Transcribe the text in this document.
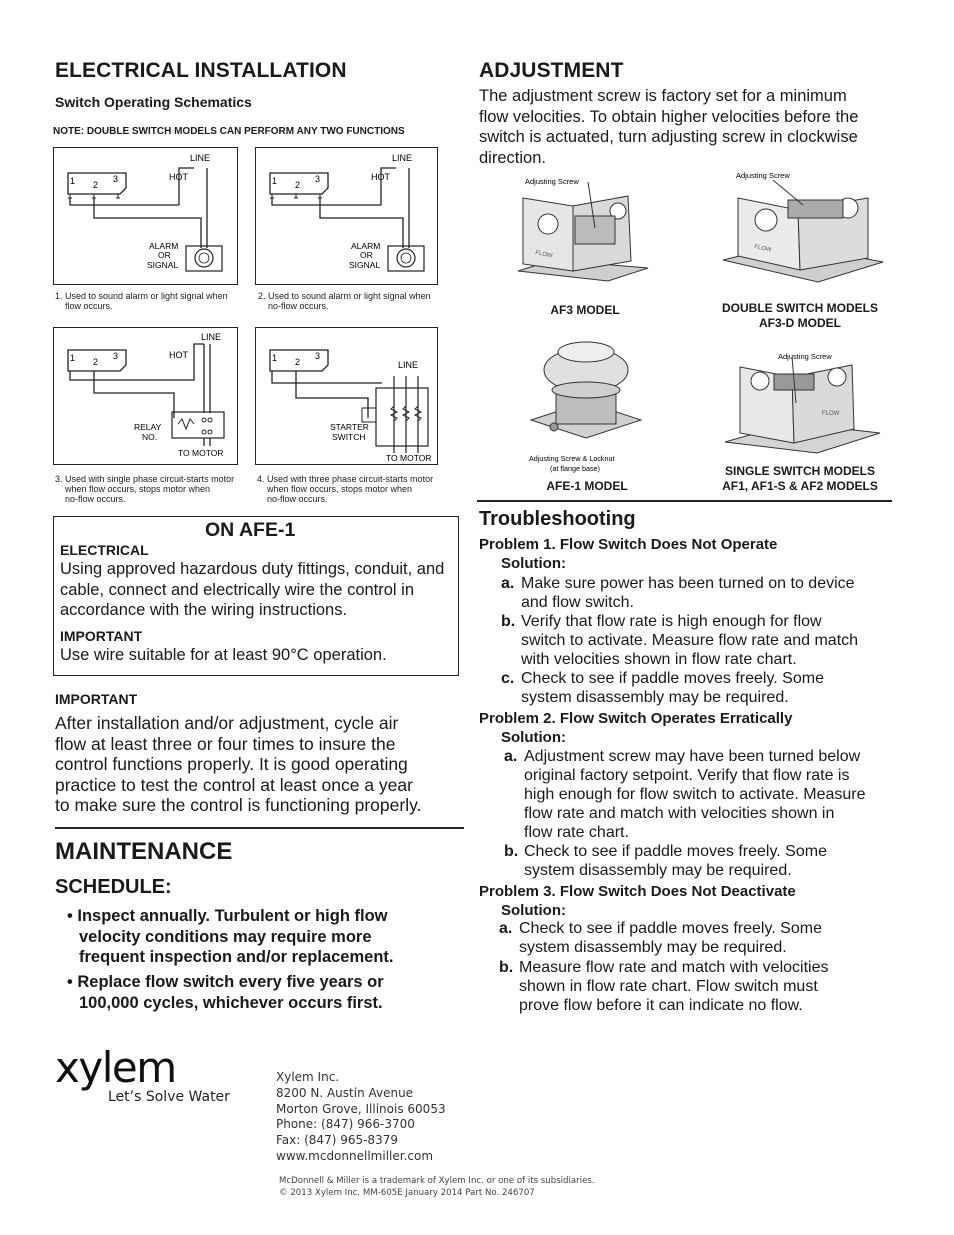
ELECTRICAL INSTALLATION
Switch Operating Schematics
NOTE: DOUBLE SWITCH MODELS CAN PERFORM ANY TWO FUNCTIONS
1 2
3
LINE
HOT
ALARM
OR
SIGNAL
1. Used to sound alarm or light signal when
flow occurs.
1 2
3
LINE
HOT
ALARM
OR
SIGNAL
2. Used to sound alarm or light signal when
no-flow occurs.
1 2
3
LINE
HOT
RELAY
NO.
TO MOTOR
3. Used with single phase circuit-starts motor
when flow occurs, stops motor when
no-flow occurs.
1 2
3
LINE
STARTER
SWITCH
TO MOTOR
4. Used with three phase circuit-starts motor
when flow occurs, stops motor when
no-flow occurs.
ON AFE-1
ELECTRICAL
Using approved hazardous duty fittings, conduit, and
cable, connect and electrically wire the control in
accordance with the wiring instructions.
IMPORTANT
Use wire suitable for at least 90°C operation.
IMPORTANT
After installation and/or adjustment, cycle air
flow at least three or four times to insure the
control functions properly. It is good operating
practice to test the control at least once a year
to make sure the control is functioning properly.
MAINTENANCE
SCHEDULE:
• Inspect annually. Turbulent or high flow
velocity conditions may require more
frequent inspection and/or replacement.
• Replace flow switch every five years or
100,000 cycles, whichever occurs first.
ADJUSTMENT
The adjustment screw is factory set for a minimum
flow velocities. To obtain higher velocities before the
switch is actuated, turn adjusting screw in clockwise
direction.
Adjusting Screw
FLOW
AF3 MODEL
Adjusting Screw
FLOW
DOUBLE SWITCH MODELS
AF3-D MODEL
Adjusting Screw & Locknut
(at flange base)
AFE-1 MODEL
Adjusting Screw
FLOW
SINGLE SWITCH MODELS
AF1, AF1-S & AF2 MODELS
Troubleshooting
Problem 1. Flow Switch Does Not Operate
Solution:
a. Make sure power has been turned on to device
and flow switch.
b. Verify that flow rate is high enough for flow
switch to activate. Measure flow rate and match
with velocities shown in flow rate chart.
c. Check to see if paddle moves freely. Some
system disassembly may be required.
Problem 2. Flow Switch Operates Erratically
Solution:
a. Adjustment screw may have been turned below
original factory setpoint. Verify that flow rate is
high enough for flow switch to activate. Measure
flow rate and match with velocities shown in
flow rate chart.
b. Check to see if paddle moves freely. Some
system disassembly may be required.
Problem 3. Flow Switch Does Not Deactivate
Solution:
a. Check to see if paddle moves freely. Some
system disassembly may be required.
b. Measure flow rate and match with velocities
shown in flow rate chart. Flow switch must
prove flow before it can indicate no flow.
xylem
Let’s Solve Water
Xylem Inc.
8200 N. Austin Avenue
Morton Grove, Illinois 60053
Phone: (847) 966-3700
Fax: (847) 965-8379
www.mcdonnellmiller.com
McDonnell & Miller is a trademark of Xylem Inc. or one of its subsidiaries.
© 2013 Xylem Inc. MM-605E January 2014 Part No. 246707
